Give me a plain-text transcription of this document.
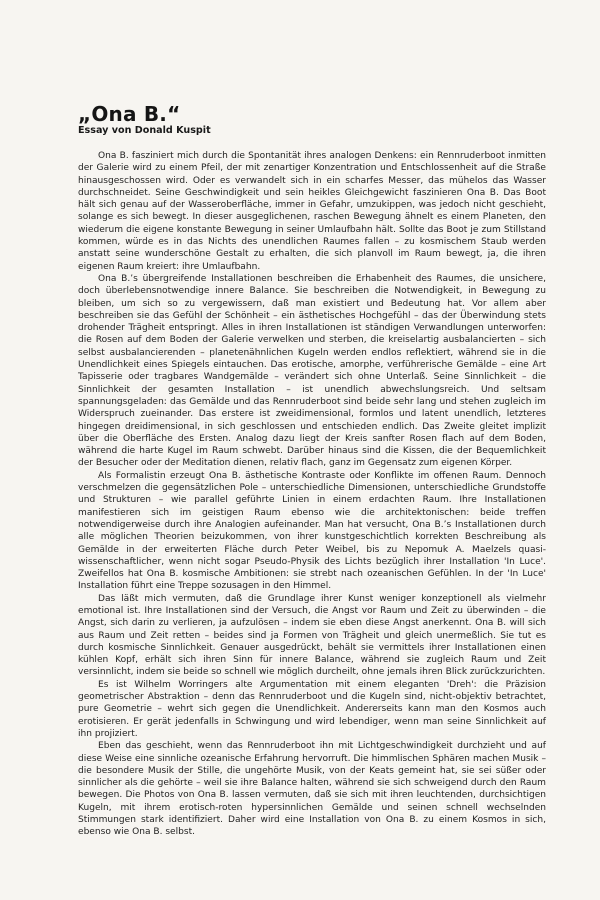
„Ona B.“
Essay von Donald Kuspit

Ona B. fasziniert mich durch die Spontanität ihres analogen Denkens: ein Rennruderboot inmitten der Galerie wird zu einem Pfeil, der mit zenartiger Konzentration und Entschlossenheit auf die Straße hinausgeschossen wird. Oder es verwandelt sich in ein scharfes Messer, das mühelos das Wasser durchschneidet. Seine Geschwindigkeit und sein heikles Gleichgewicht faszinieren Ona B. Das Boot hält sich genau auf der Wasseroberfläche, immer in Gefahr, umzukippen, was jedoch nicht geschieht, solange es sich bewegt. In dieser ausgeglichenen, raschen Bewegung ähnelt es einem Planeten, den wiederum die eigene konstante Bewegung in seiner Umlaufbahn hält. Sollte das Boot je zum Stillstand kommen, würde es in das Nichts des unendlichen Raumes fallen – zu kosmischem Staub werden anstatt seine wunderschöne Gestalt zu erhalten, die sich planvoll im Raum bewegt, ja, die ihren eigenen Raum kreiert: ihre Umlaufbahn.

Ona B.’s übergreifende Installationen beschreiben die Erhabenheit des Raumes, die unsichere, doch überlebensnotwendige innere Balance. Sie beschreiben die Notwendigkeit, in Bewegung zu bleiben, um sich so zu vergewissern, daß man existiert und Bedeutung hat. Vor allem aber beschreiben sie das Gefühl der Schönheit – ein ästhetisches Hochgefühl – das der Überwindung stets drohender Trägheit entspringt. Alles in ihren Installationen ist ständigen Verwandlungen unterworfen: die Rosen auf dem Boden der Galerie verwelken und sterben, die kreiselartig ausbalancierten – sich selbst ausbalancierenden – planetenähnlichen Kugeln werden endlos reflektiert, während sie in die Unendlichkeit eines Spiegels eintauchen. Das erotische, amorphe, verführerische Gemälde – eine Art Tapisserie oder tragbares Wandgemälde – verändert sich ohne Unterlaß. Seine Sinnlichkeit – die Sinnlichkeit der gesamten Installation – ist unendlich abwechslungsreich. Und seltsam spannungsgeladen: das Gemälde und das Rennruderboot sind beide sehr lang und stehen zugleich im Widerspruch zueinander. Das erstere ist zweidimensional, formlos und latent unendlich, letzteres hingegen dreidimensional, in sich geschlossen und entschieden endlich. Das Zweite gleitet implizit über die Oberfläche des Ersten. Analog dazu liegt der Kreis sanfter Rosen flach auf dem Boden, während die harte Kugel im Raum schwebt. Darüber hinaus sind die Kissen, die der Bequemlichkeit der Besucher oder der Meditation dienen, relativ flach, ganz im Gegensatz zum eigenen Körper.

Als Formalistin erzeugt Ona B. ästhetische Kontraste oder Konflikte im offenen Raum. Dennoch verschmelzen die gegensätzlichen Pole – unterschiedliche Dimensionen, unterschiedliche Grundstoffe und Strukturen – wie parallel geführte Linien in einem erdachten Raum. Ihre Installationen manifestieren sich im geistigen Raum ebenso wie die architektonischen: beide treffen notwendigerweise durch ihre Analogien aufeinander. Man hat versucht, Ona B.’s Installationen durch alle möglichen Theorien beizukommen, von ihrer kunstgeschichtlich korrekten Beschreibung als Gemälde in der erweiterten Fläche durch Peter Weibel, bis zu Nepomuk A. Maelzels quasi-wissenschaftlicher, wenn nicht sogar Pseudo-Physik des Lichts bezüglich ihrer Installation 'In Luce'. Zweifellos hat Ona B. kosmische Ambitionen: sie strebt nach ozeanischen Gefühlen. In der 'In Luce' Installation führt eine Treppe sozusagen in den Himmel.

Das läßt mich vermuten, daß die Grundlage ihrer Kunst weniger konzeptionell als vielmehr emotional ist. Ihre Installationen sind der Versuch, die Angst vor Raum und Zeit zu überwinden – die Angst, sich darin zu verlieren, ja aufzulösen – indem sie eben diese Angst anerkennt. Ona B. will sich aus Raum und Zeit retten – beides sind ja Formen von Trägheit und gleich unermeßlich. Sie tut es durch kosmische Sinnlichkeit. Genauer ausgedrückt, behält sie vermittels ihrer Installationen einen kühlen Kopf, erhält sich ihren Sinn für innere Balance, während sie zugleich Raum und Zeit versinnlicht, indem sie beide so schnell wie möglich durcheilt, ohne jemals ihren Blick zurückzurichten.

Es ist Wilhelm Worringers alte Argumentation mit einem eleganten 'Dreh': die Präzision geometrischer Abstraktion – denn das Rennruderboot und die Kugeln sind, nicht-objektiv betrachtet, pure Geometrie – wehrt sich gegen die Unendlichkeit. Andererseits kann man den Kosmos auch erotisieren. Er gerät jedenfalls in Schwingung und wird lebendiger, wenn man seine Sinnlichkeit auf ihn projiziert.

Eben das geschieht, wenn das Rennruderboot ihn mit Lichtgeschwindigkeit durchzieht und auf diese Weise eine sinnliche ozeanische Erfahrung hervorruft. Die himmlischen Sphären machen Musik – die besondere Musik der Stille, die ungehörte Musik, von der Keats gemeint hat, sie sei süßer oder sinnlicher als die gehörte – weil sie ihre Balance halten, während sie sich schweigend durch den Raum bewegen. Die Photos von Ona B. lassen vermuten, daß sie sich mit ihren leuchtenden, durchsichtigen Kugeln, mit ihrem erotisch-roten hypersinnlichen Gemälde und seinen schnell wechselnden Stimmungen stark identifiziert. Daher wird eine Installation von Ona B. zu einem Kosmos in sich, ebenso wie Ona B. selbst.
